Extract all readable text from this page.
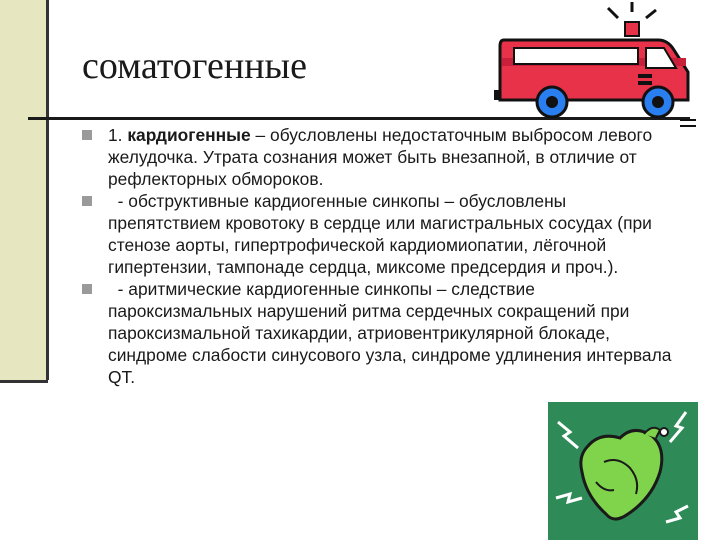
соматогенные
1. кардиогенные – обусловлены недостаточным выбросом левого желудочка. Утрата сознания может быть внезапной, в отличие от рефлекторных обмороков.
- обструктивные кардиогенные синкопы – обусловлены препятствием кровотоку в сердце или магистральных сосудах (при стенозе аорты, гипертрофической кардиомиопатии, лёгочной гипертензии, тампонаде сердца, миксоме предсердия и проч.).
- аритмические кардиогенные синкопы – следствие пароксизмальных нарушений ритма сердечных сокращений при пароксизмальной тахикардии, атриовентрикулярной блокаде, синдроме слабости синусового узла, синдроме удлинения интервала QT.
